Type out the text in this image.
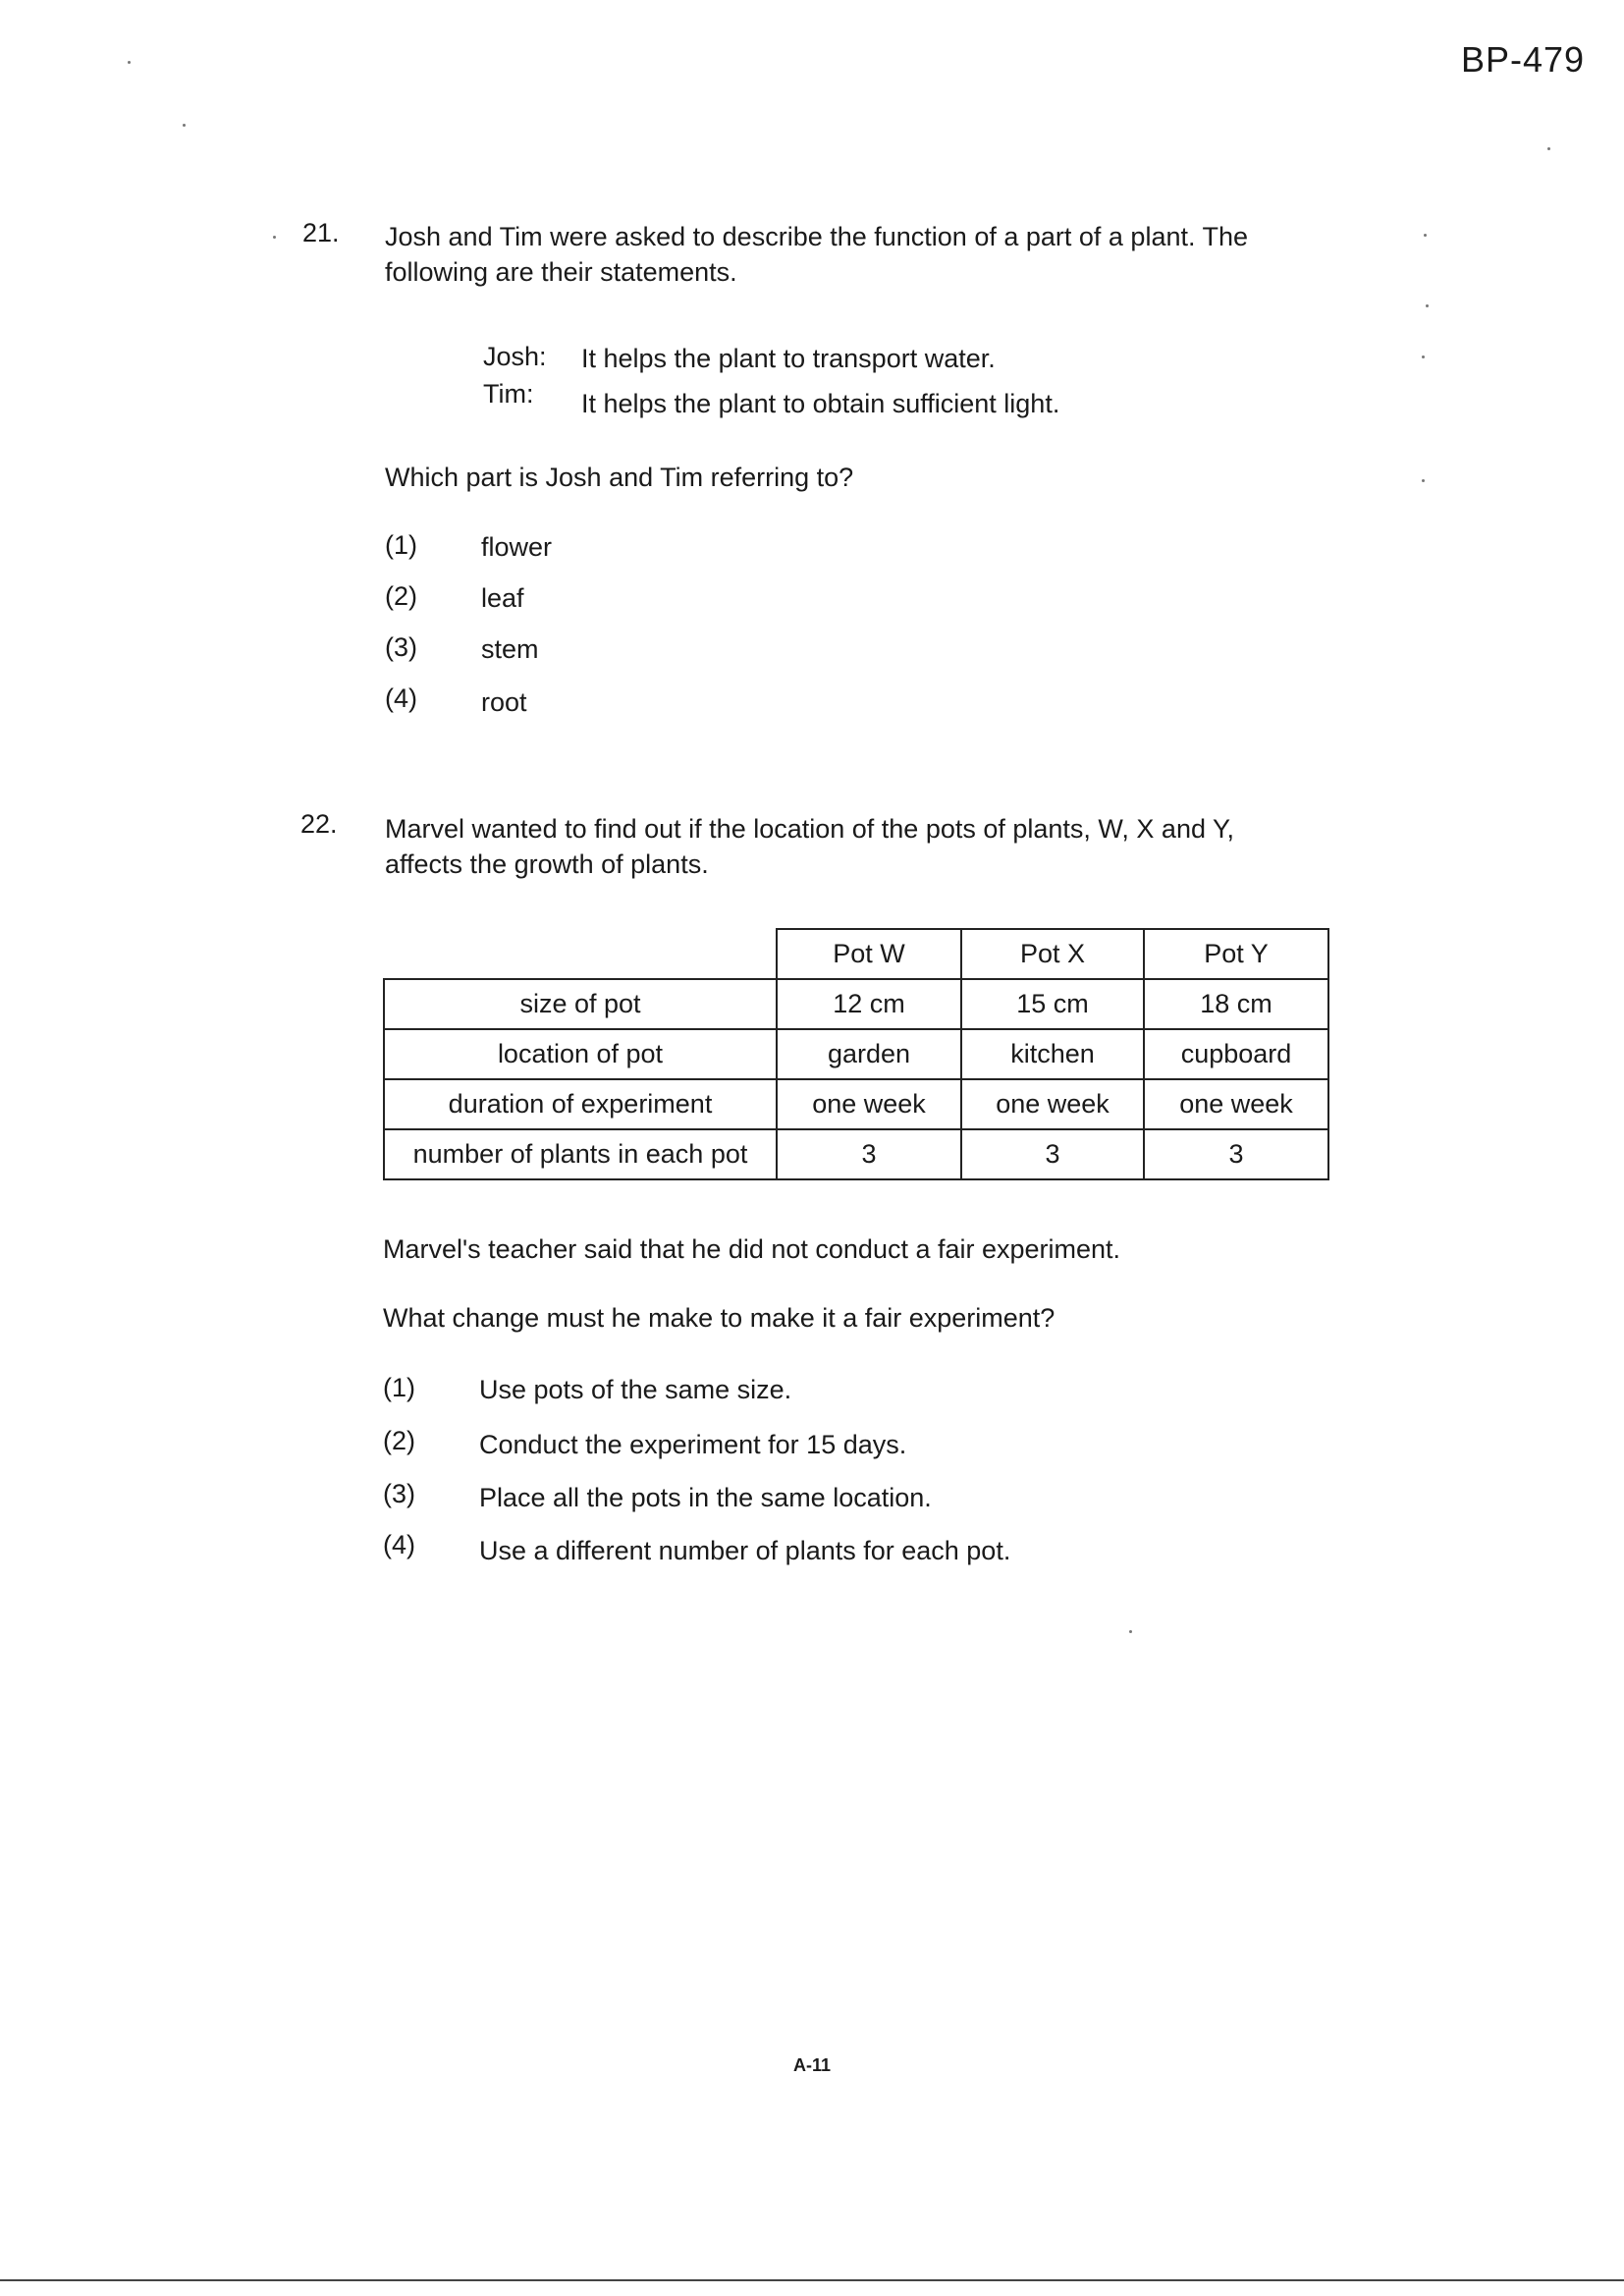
BP-479
21. Josh and Tim were asked to describe the function of a part of a plant. The
following are their statements.
Josh: It helps the plant to transport water.
Tim: It helps the plant to obtain sufficient light.
Which part is Josh and Tim referring to?
(1) flower
(2) leaf
(3) stem
(4) root
22. Marvel wanted to find out if the location of the pots of plants, W, X and Y,
affects the growth of plants.
	Pot W	Pot X	Pot Y
size of pot	12 cm	15 cm	18 cm
location of pot	garden	kitchen	cupboard
duration of experiment	one week	one week	one week
number of plants in each pot	3	3	3
Marvel's teacher said that he did not conduct a fair experiment.
What change must he make to make it a fair experiment?
(1) Use pots of the same size.
(2) Conduct the experiment for 15 days.
(3) Place all the pots in the same location.
(4) Use a different number of plants for each pot.
A-11
